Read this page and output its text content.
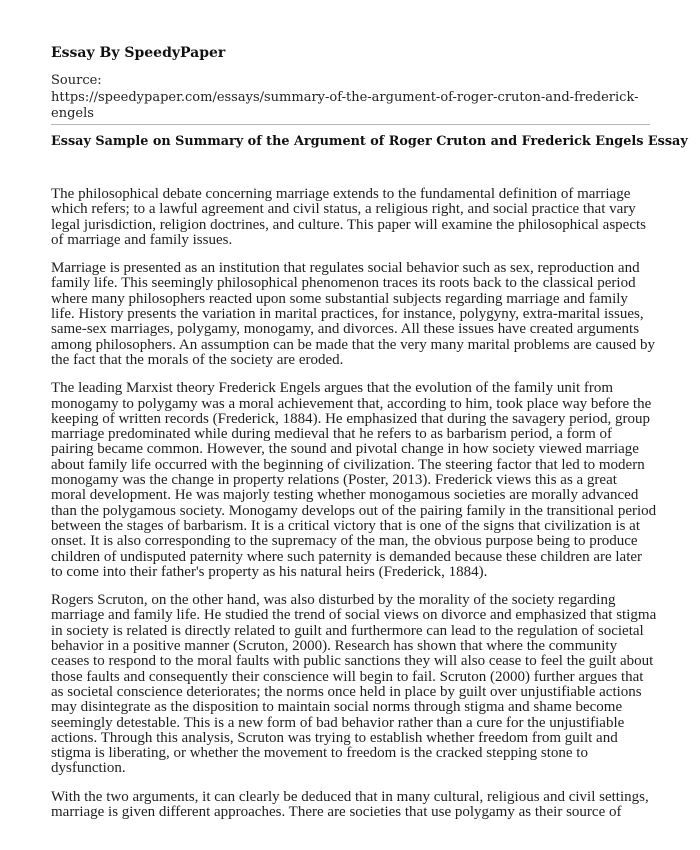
Essay By SpeedyPaper
Source:
https://speedypaper.com/essays/summary-of-the-argument-of-roger-cruton-and-frederick-engels
Essay Sample on Summary of the Argument of Roger Cruton and Frederick Engels Essay

The philosophical debate concerning marriage extends to the fundamental definition of marriage
which refers; to a lawful agreement and civil status, a religious right, and social practice that vary
legal jurisdiction, religion doctrines, and culture. This paper will examine the philosophical aspects
of marriage and family issues.

Marriage is presented as an institution that regulates social behavior such as sex, reproduction and
family life. This seemingly philosophical phenomenon traces its roots back to the classical period
where many philosophers reacted upon some substantial subjects regarding marriage and family
life. History presents the variation in marital practices, for instance, polygyny, extra-marital issues,
same-sex marriages, polygamy, monogamy, and divorces. All these issues have created arguments
among philosophers. An assumption can be made that the very many marital problems are caused by
the fact that the morals of the society are eroded.

The leading Marxist theory Frederick Engels argues that the evolution of the family unit from
monogamy to polygamy was a moral achievement that, according to him, took place way before the
keeping of written records (Frederick, 1884). He emphasized that during the savagery period, group
marriage predominated while during medieval that he refers to as barbarism period, a form of
pairing became common. However, the sound and pivotal change in how society viewed marriage
about family life occurred with the beginning of civilization. The steering factor that led to modern
monogamy was the change in property relations (Poster, 2013). Frederick views this as a great
moral development. He was majorly testing whether monogamous societies are morally advanced
than the polygamous society. Monogamy develops out of the pairing family in the transitional period
between the stages of barbarism. It is a critical victory that is one of the signs that civilization is at
onset. It is also corresponding to the supremacy of the man, the obvious purpose being to produce
children of undisputed paternity where such paternity is demanded because these children are later
to come into their father's property as his natural heirs (Frederick, 1884).

Rogers Scruton, on the other hand, was also disturbed by the morality of the society regarding
marriage and family life. He studied the trend of social views on divorce and emphasized that stigma
in society is related is directly related to guilt and furthermore can lead to the regulation of societal
behavior in a positive manner (Scruton, 2000). Research has shown that where the community
ceases to respond to the moral faults with public sanctions they will also cease to feel the guilt about
those faults and consequently their conscience will begin to fail. Scruton (2000) further argues that
as societal conscience deteriorates; the norms once held in place by guilt over unjustifiable actions
may disintegrate as the disposition to maintain social norms through stigma and shame become
seemingly detestable. This is a new form of bad behavior rather than a cure for the unjustifiable
actions. Through this analysis, Scruton was trying to establish whether freedom from guilt and
stigma is liberating, or whether the movement to freedom is the cracked stepping stone to
dysfunction.

With the two arguments, it can clearly be deduced that in many cultural, religious and civil settings,
marriage is given different approaches. There are societies that use polygamy as their source of
